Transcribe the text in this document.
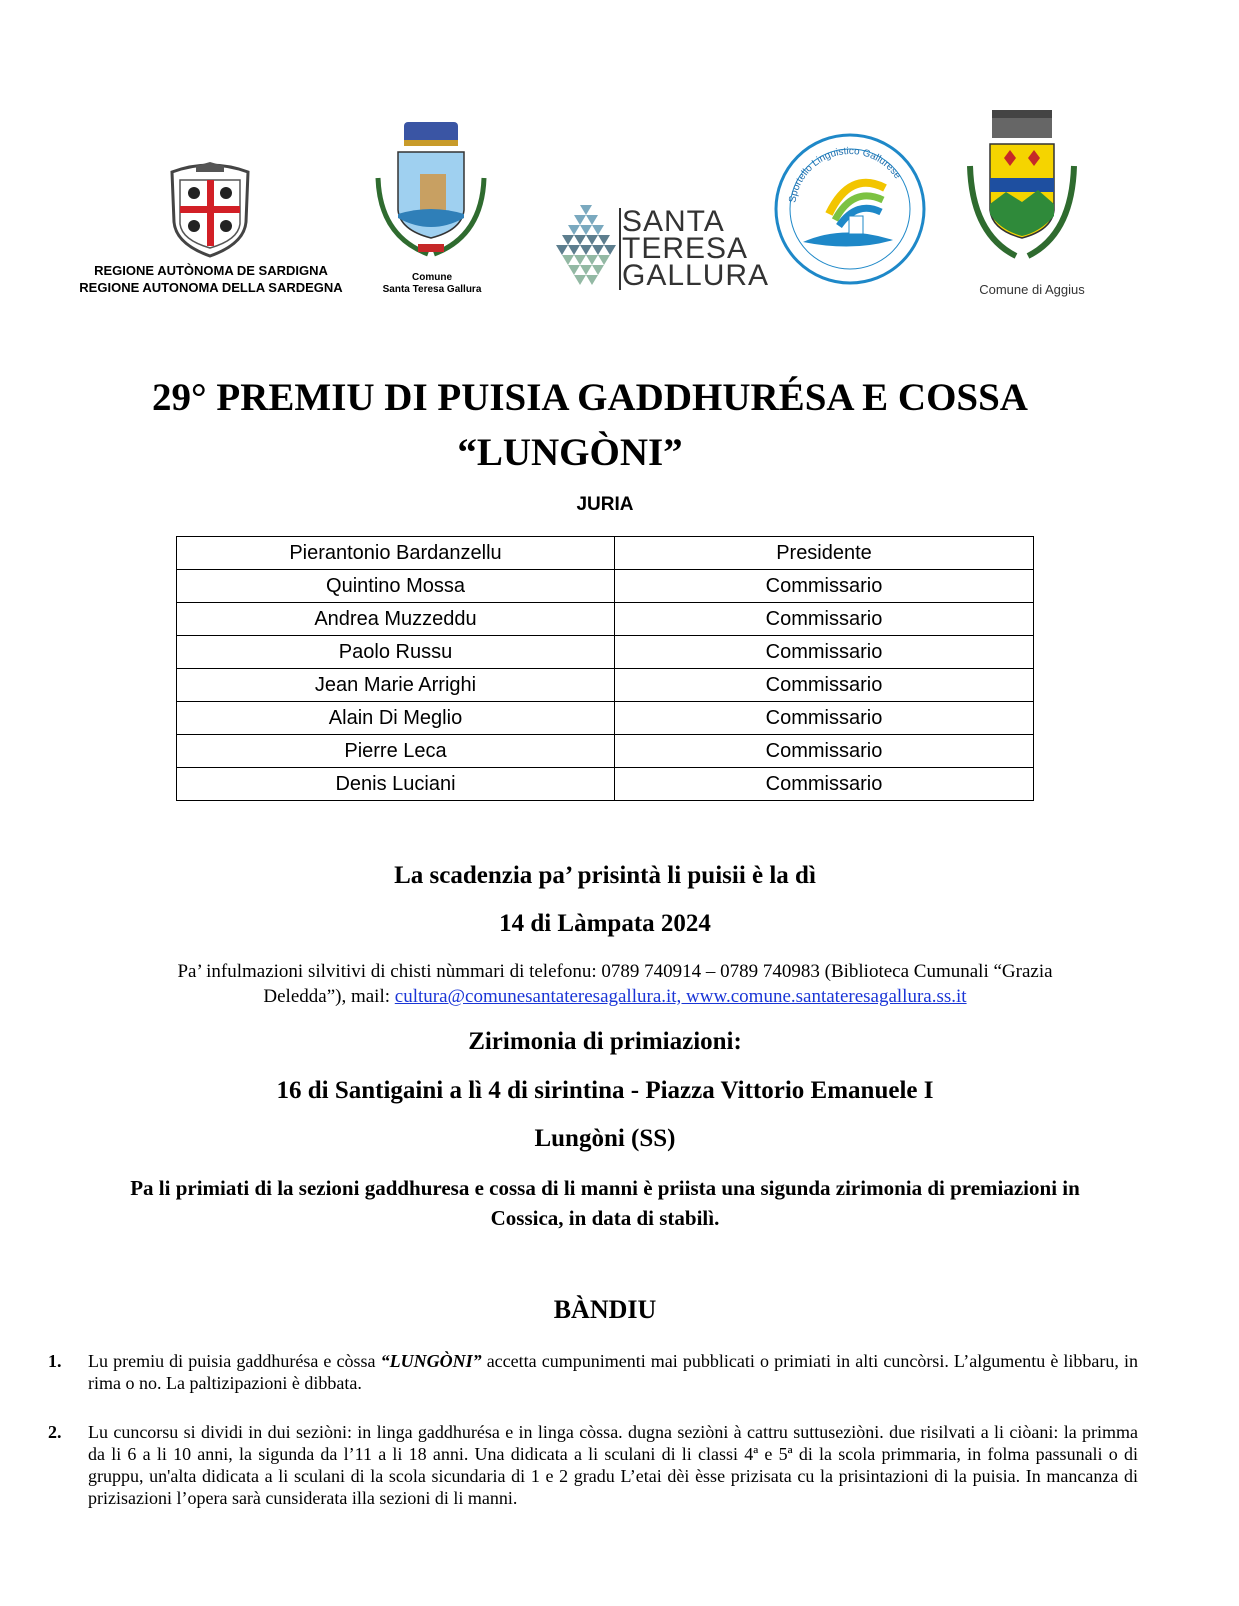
REGIONE AUTÒNOMA DE SARDIGNA
REGIONE AUTONOMA DELLA SARDEGNA
Comune
Santa Teresa Gallura
SANTA
TERESA
GALLURA
Sportello Linguistico Gallurese
Comune di Aggius
29° PREMIU DI PUISIA GADDHURÉSA E COSSA
“LUNGÒNI”
JURIA
Pierantonio Bardanzellu	Presidente
Quintino Mossa	Commissario
Andrea Muzzeddu	Commissario
Paolo Russu	Commissario
Jean Marie Arrighi	Commissario
Alain Di Meglio	Commissario
Pierre Leca	Commissario
Denis Luciani	Commissario
La scadenzia pa’ prisintà li puisii è la dì
14 di Làmpata 2024
Pa’ infulmazioni silvitivi di chisti nùmmari di telefonu: 0789 740914 – 0789 740983 (Biblioteca Cumunali “Grazia
Deledda”), mail: cultura@comunesantateresagallura.it, www.comune.santateresagallura.ss.it
Zirimonia di primiazioni:
16 di Santigaini a lì 4 di sirintina - Piazza Vittorio Emanuele I
Lungòni (SS)
Pa li primiati di la sezioni gaddhuresa e cossa di li manni è priista una sigunda zirimonia di premiazioni in Cossica, in data di stabilì.
BÀNDIU
1. Lu premiu di puisia gaddhurésa e còssa “LUNGÒNI” accetta cumpunimenti mai pubblicati o primiati in alti cuncòrsi. L’algumentu è libbaru, in rima o no. La paltizipazioni è dibbata.
2. Lu cuncorsu si dividi in dui seziòni: in linga gaddhurésa e in linga còssa. dugna seziòni à cattru suttuseziòni. due risilvati a li ciòani: la primma da li 6 a li 10 anni, la sigunda da l’11 a li 18 anni. Una didicata a li sculani di li classi 4ª e 5ª di la scola primmaria, in folma passunali o di gruppu, un'alta didicata a li sculani di la scola sicundaria di 1 e 2 gradu L’etai dèi èsse prizisata cu la prisintazioni di la puisia. In mancanza di prizisazioni l’opera sarà cunsiderata illa sezioni di li manni.
